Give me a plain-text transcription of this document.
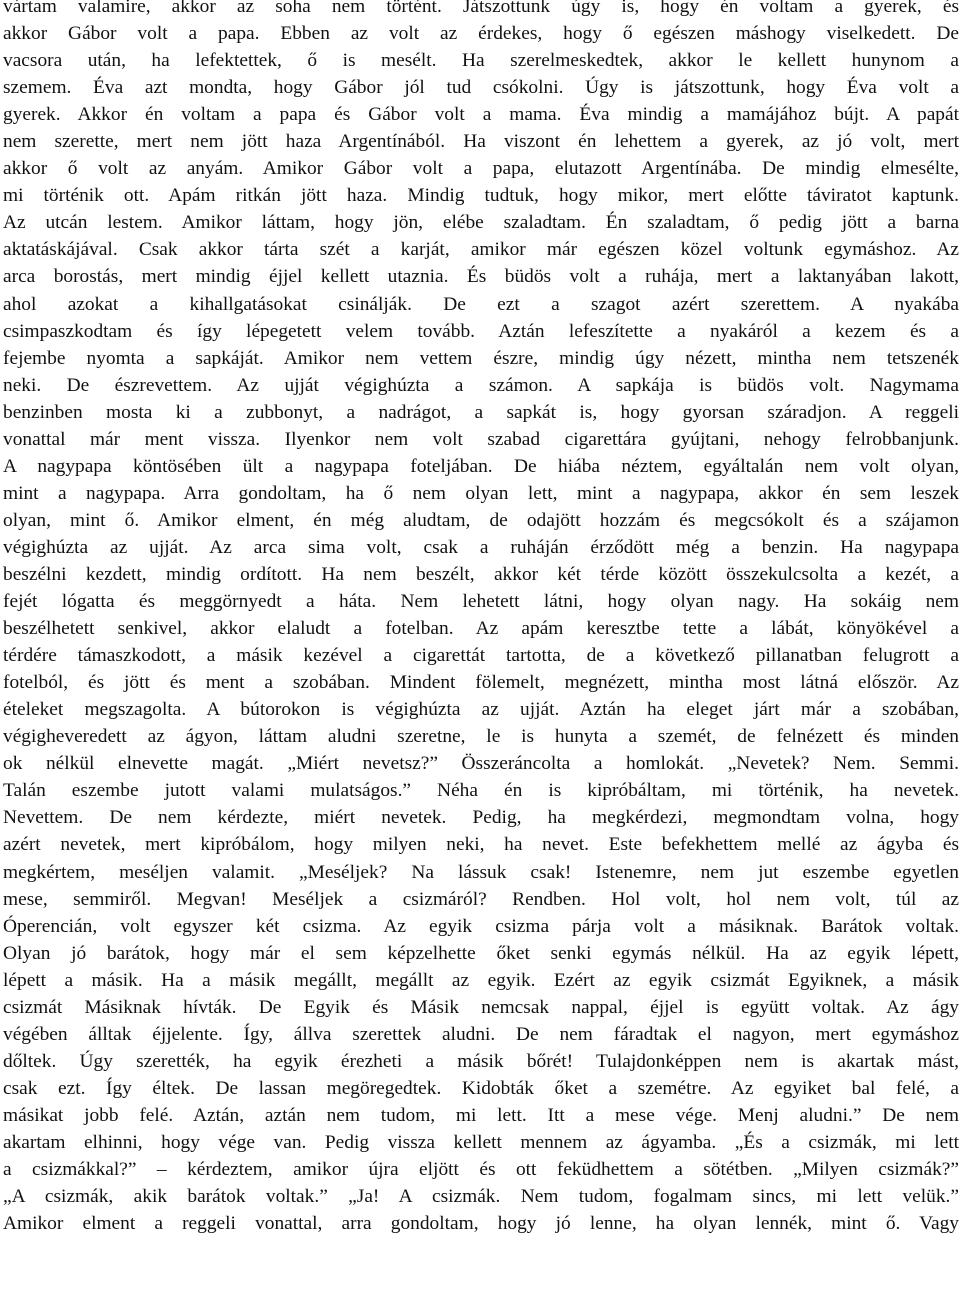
vártam valamire, akkor az soha nem történt. Játszottunk úgy is, hogy én voltam a gyerek, és
akkor Gábor volt a papa. Ebben az volt az érdekes, hogy ő egészen máshogy viselkedett. De
vacsora után, ha lefektettek, ő is mesélt. Ha szerelmeskedtek, akkor le kellett hunynom a
szemem. Éva azt mondta, hogy Gábor jól tud csókolni. Úgy is játszottunk, hogy Éva volt a
gyerek. Akkor én voltam a papa és Gábor volt a mama. Éva mindig a mamájához bújt. A papát
nem szerette, mert nem jött haza Argentínából. Ha viszont én lehettem a gyerek, az jó volt, mert
akkor ő volt az anyám. Amikor Gábor volt a papa, elutazott Argentínába. De mindig elmesélte,
mi történik ott. Apám ritkán jött haza. Mindig tudtuk, hogy mikor, mert előtte táviratot kaptunk.
Az utcán lestem. Amikor láttam, hogy jön, elébe szaladtam. Én szaladtam, ő pedig jött a barna
aktatáskájával. Csak akkor tárta szét a karját, amikor már egészen közel voltunk egymáshoz. Az
arca borostás, mert mindig éjjel kellett utaznia. És büdös volt a ruhája, mert a laktanyában lakott,
ahol azokat a kihallgatásokat csinálják. De ezt a szagot azért szerettem. A nyakába
csimpaszkodtam és így lépegetett velem tovább. Aztán lefeszítette a nyakáról a kezem és a
fejembe nyomta a sapkáját. Amikor nem vettem észre, mindig úgy nézett, mintha nem tetszenék
neki. De észrevettem. Az ujját végighúzta a számon. A sapkája is büdös volt. Nagymama
benzinben mosta ki a zubbonyt, a nadrágot, a sapkát is, hogy gyorsan száradjon. A reggeli
vonattal már ment vissza. Ilyenkor nem volt szabad cigarettára gyújtani, nehogy felrobbanjunk.
A nagypapa köntösében ült a nagypapa foteljában. De hiába néztem, egyáltalán nem volt olyan,
mint a nagypapa. Arra gondoltam, ha ő nem olyan lett, mint a nagypapa, akkor én sem leszek
olyan, mint ő. Amikor elment, én még aludtam, de odajött hozzám és megcsókolt és a szájamon
végighúzta az ujját. Az arca sima volt, csak a ruháján érződött még a benzin. Ha nagypapa
beszélni kezdett, mindig ordított. Ha nem beszélt, akkor két térde között összekulcsolta a kezét, a
fejét lógatta és meggörnyedt a háta. Nem lehetett látni, hogy olyan nagy. Ha sokáig nem
beszélhetett senkivel, akkor elaludt a fotelban. Az apám keresztbe tette a lábát, könyökével a
térdére támaszkodott, a másik kezével a cigarettát tartotta, de a következő pillanatban felugrott a
fotelból, és jött és ment a szobában. Mindent fölemelt, megnézett, mintha most látná először. Az
ételeket megszagolta. A bútorokon is végighúzta az ujját. Aztán ha eleget járt már a szobában,
végigheveredett az ágyon, láttam aludni szeretne, le is hunyta a szemét, de felnézett és minden
ok nélkül elnevette magát. „Miért nevetsz?” Összeráncolta a homlokát. „Nevetek? Nem. Semmi.
Talán eszembe jutott valami mulatságos.” Néha én is kipróbáltam, mi történik, ha nevetek.
Nevettem. De nem kérdezte, miért nevetek. Pedig, ha megkérdezi, megmondtam volna, hogy
azért nevetek, mert kipróbálom, hogy milyen neki, ha nevet. Este befekhettem mellé az ágyba és
megkértem, meséljen valamit. „Meséljek? Na lássuk csak! Istenemre, nem jut eszembe egyetlen
mese, semmiről. Megvan! Meséljek a csizmáról? Rendben. Hol volt, hol nem volt, túl az
Óperencián, volt egyszer két csizma. Az egyik csizma párja volt a másiknak. Barátok voltak.
Olyan jó barátok, hogy már el sem képzelhette őket senki egymás nélkül. Ha az egyik lépett,
lépett a másik. Ha a másik megállt, megállt az egyik. Ezért az egyik csizmát Egyiknek, a másik
csizmát Másiknak hívták. De Egyik és Másik nemcsak nappal, éjjel is együtt voltak. Az ágy
végében álltak éjjelente. Így, állva szerettek aludni. De nem fáradtak el nagyon, mert egymáshoz
dőltek. Úgy szerették, ha egyik érezheti a másik bőrét! Tulajdonképpen nem is akartak mást,
csak ezt. Így éltek. De lassan megöregedtek. Kidobták őket a szemétre. Az egyiket bal felé, a
másikat jobb felé. Aztán, aztán nem tudom, mi lett. Itt a mese vége. Menj aludni.” De nem
akartam elhinni, hogy vége van. Pedig vissza kellett mennem az ágyamba. „És a csizmák, mi lett
a csizmákkal?” – kérdeztem, amikor újra eljött és ott feküdhettem a sötétben. „Milyen csizmák?”
„A csizmák, akik barátok voltak.” „Ja! A csizmák. Nem tudom, fogalmam sincs, mi lett velük.”
Amikor elment a reggeli vonattal, arra gondoltam, hogy jó lenne, ha olyan lennék, mint ő. Vagy
